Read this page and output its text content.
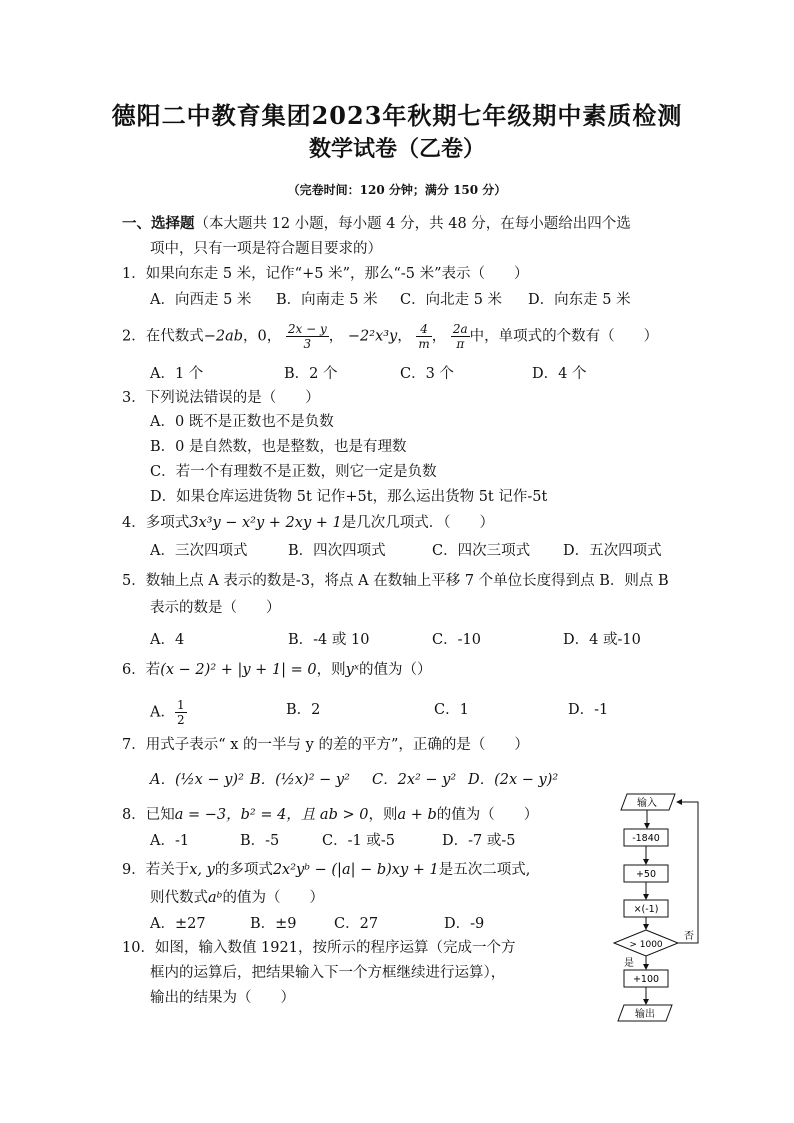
德阳二中教育集团2023年秋期七年级期中素质检测
数学试卷（乙卷）
（完卷时间：120 分钟；满分 150 分）
一、选择题（本大题共 12 小题，每小题 4 分，共 48 分，在每小题给出四个选
项中，只有一项是符合题目要求的）
1．如果向东走 5 米，记作“+5 米”，那么“-5 米”表示（　　）
A．向西走 5 米 B．向南走 5 米 C．向北走 5 米 D．向东走 5 米
2．在代数式−2ab，0， $\frac{2x - y}{3}$ ， −2²x³y， $\frac{4}{m}$ ， $\frac{2a}{\pi}$ 中，单项式的个数有（　　）
A．1 个	B．2 个	C．3 个	D．4 个
3．下列说法错误的是（　　）
A．0 既不是正数也不是负数
B．0 是自然数，也是整数，也是有理数
C．若一个有理数不是正数，则它一定是负数
D．如果仓库运进货物 5t 记作+5t，那么运出货物 5t 记作-5t
4．多项式3x³y − x²y + 2xy + 1是几次几项式．（　　）
A．三次四项式	B．四次四项式	C．四次三项式 D．五次四项式
5．数轴上点 A 表示的数是-3，将点 A 在数轴上平移 7 个单位长度得到点 B．则点 B
表示的数是（　　）
A．4	B．-4 或 10	C．-10	D．4 或-10
6．若(x − 2)² + |y + 1| = 0，则yˣ的值为（）
A． $\frac{1}{2}$	B．2	C．1	D．-1
7．用式子表示“ x 的一半与 y 的差的平方”，正确的是（　　）
A．(½x − y)² B．(½x)² − y² C．2x² − y² D．(2x − y)²
8．已知a = −3，b² = 4，且 ab > 0，则a + b的值为（　　）
A．-1	B．-5	C．-1 或-5	D．-7 或-5
9．若关于x, y的多项式2x²yᵇ − (|a| − b)xy + 1是五次二项式,
则代数式aᵇ的值为（　　）
A．±27	B．±9	C．27	D．-9
10．如图，输入数值 1921，按所示的程序运算（完成一个方
框内的运算后，把结果输入下一个方框继续进行运算），
输出的结果为（　　）
输入
-1840
+50
×(-1)
> 1000
否
是
+100
输出
